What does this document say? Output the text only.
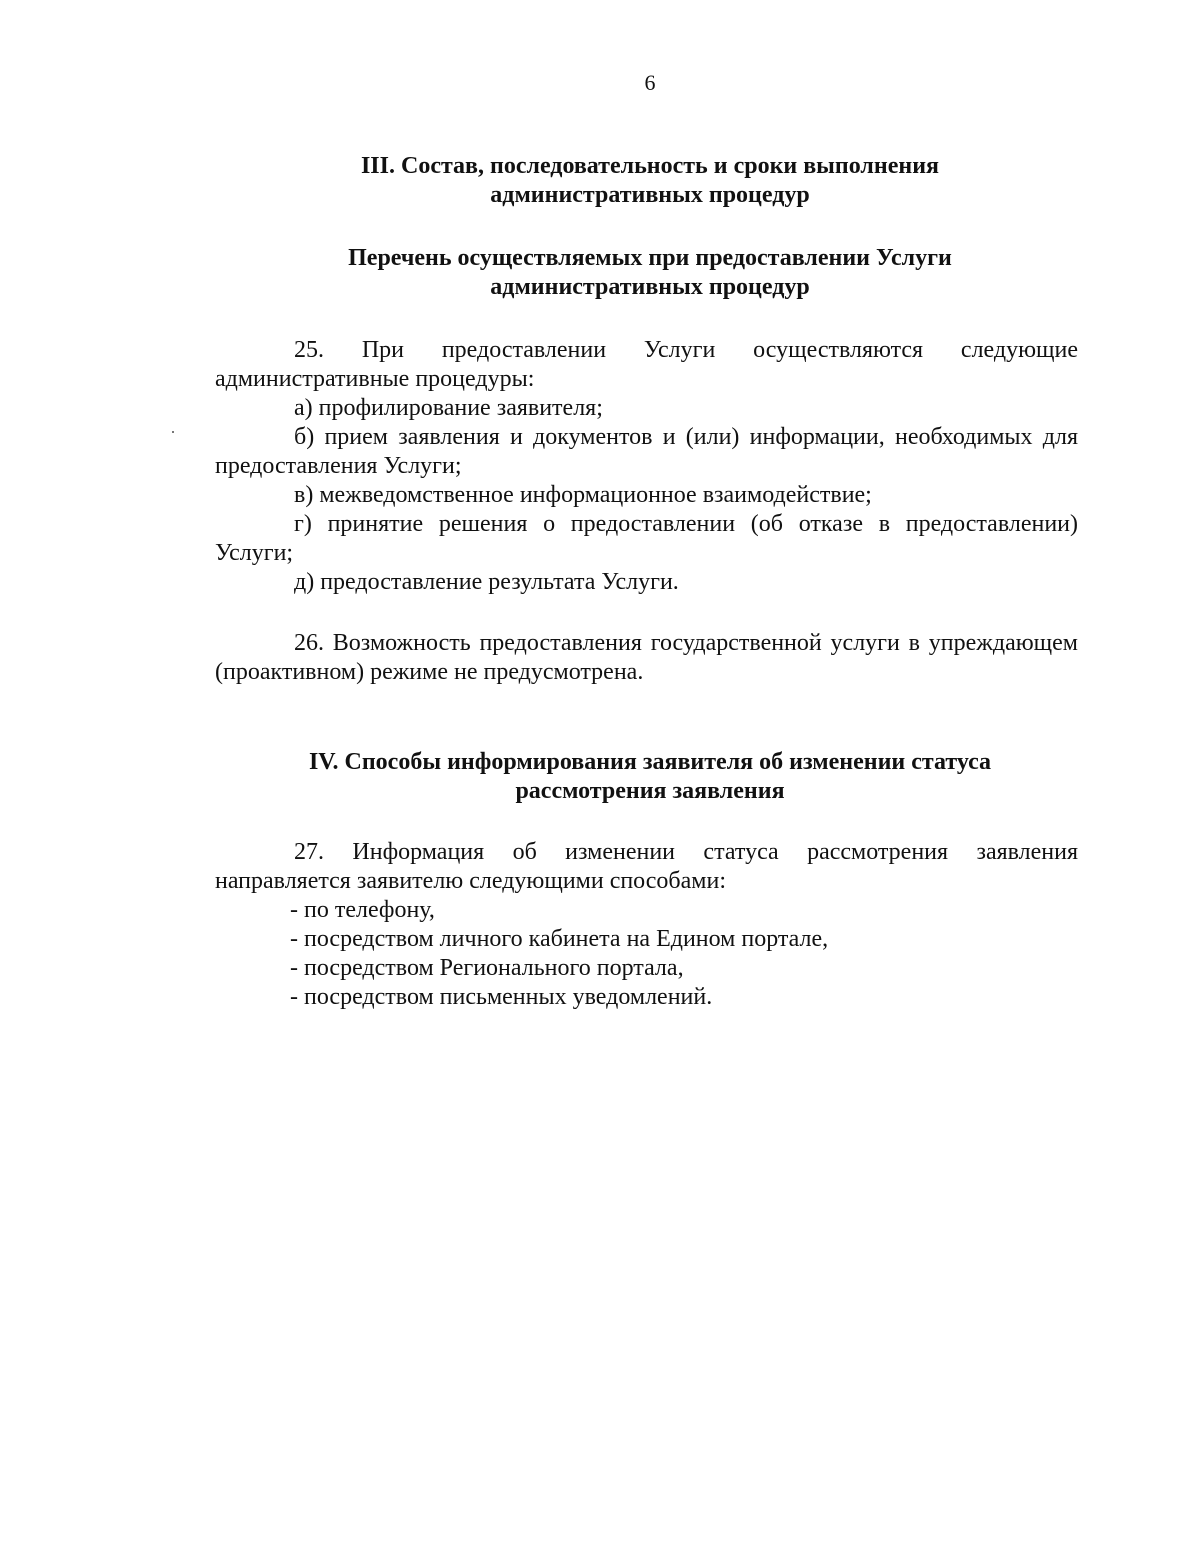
6
III. Состав, последовательность и сроки выполнения
административных процедур
Перечень осуществляемых при предоставлении Услуги
административных процедур
25. При предоставлении Услуги осуществляются следующие административные процедуры:
а) профилирование заявителя;
б) прием заявления и документов и (или) информации, необходимых для предоставления Услуги;
в) межведомственное информационное взаимодействие;
г) принятие решения о предоставлении (об отказе в предоставлении) Услуги;
д) предоставление результата Услуги.
26. Возможность предоставления государственной услуги в упреждающем (проактивном) режиме не предусмотрена.
IV. Способы информирования заявителя об изменении статуса
рассмотрения заявления
27. Информация об изменении статуса рассмотрения заявления направляется заявителю следующими способами:
- по телефону,
- посредством личного кабинета на Едином портале,
- посредством Регионального портала,
- посредством письменных уведомлений.
